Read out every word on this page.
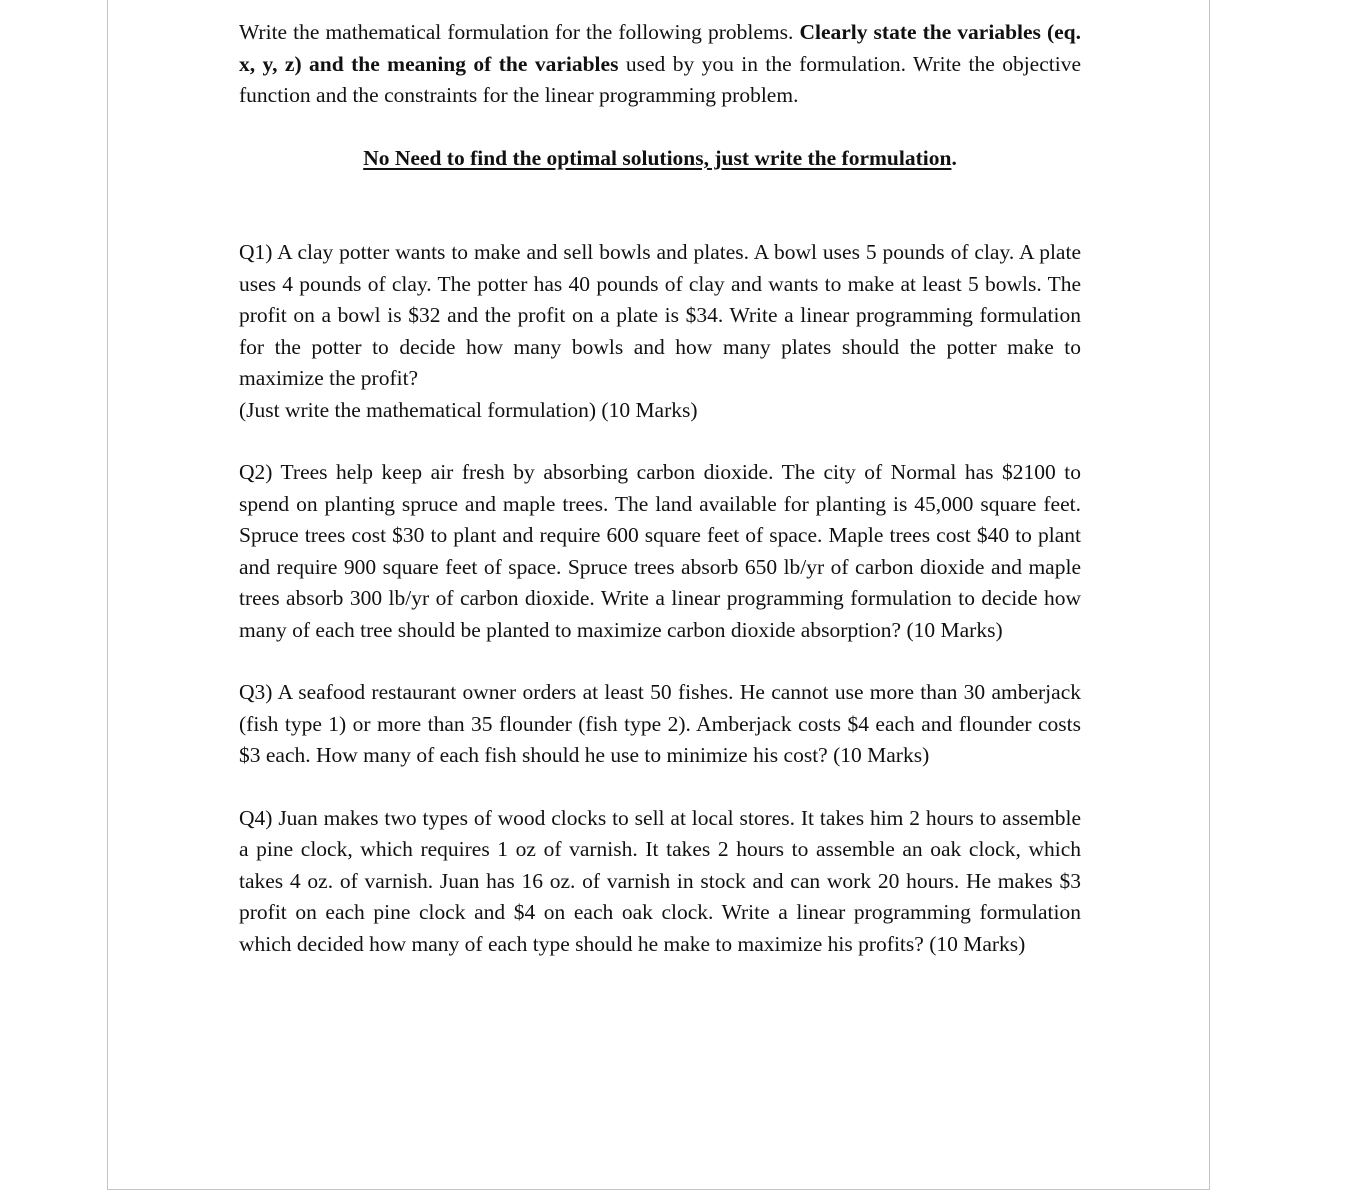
Write the mathematical formulation for the following problems. Clearly state the variables (eq. x, y, z) and the meaning of the variables used by you in the formulation. Write the objective function and the constraints for the linear programming problem.

No Need to find the optimal solutions, just write the formulation.

Q1) A clay potter wants to make and sell bowls and plates. A bowl uses 5 pounds of clay. A plate uses 4 pounds of clay. The potter has 40 pounds of clay and wants to make at least 5 bowls. The profit on a bowl is $32 and the profit on a plate is $34. Write a linear programming formulation for the potter to decide how many bowls and how many plates should the potter make to maximize the profit?
(Just write the mathematical formulation) (10 Marks)

Q2) Trees help keep air fresh by absorbing carbon dioxide. The city of Normal has $2100 to spend on planting spruce and maple trees. The land available for planting is 45,000 square feet. Spruce trees cost $30 to plant and require 600 square feet of space. Maple trees cost $40 to plant and require 900 square feet of space. Spruce trees absorb 650 lb/yr of carbon dioxide and maple trees absorb 300 lb/yr of carbon dioxide. Write a linear programming formulation to decide how many of each tree should be planted to maximize carbon dioxide absorption? (10 Marks)

Q3) A seafood restaurant owner orders at least 50 fishes. He cannot use more than 30 amberjack (fish type 1) or more than 35 flounder (fish type 2). Amberjack costs $4 each and flounder costs $3 each. How many of each fish should he use to minimize his cost? (10 Marks)

Q4) Juan makes two types of wood clocks to sell at local stores. It takes him 2 hours to assemble a pine clock, which requires 1 oz of varnish. It takes 2 hours to assemble an oak clock, which takes 4 oz. of varnish. Juan has 16 oz. of varnish in stock and can work 20 hours. He makes $3 profit on each pine clock and $4 on each oak clock. Write a linear programming formulation which decided how many of each type should he make to maximize his profits? (10 Marks)
